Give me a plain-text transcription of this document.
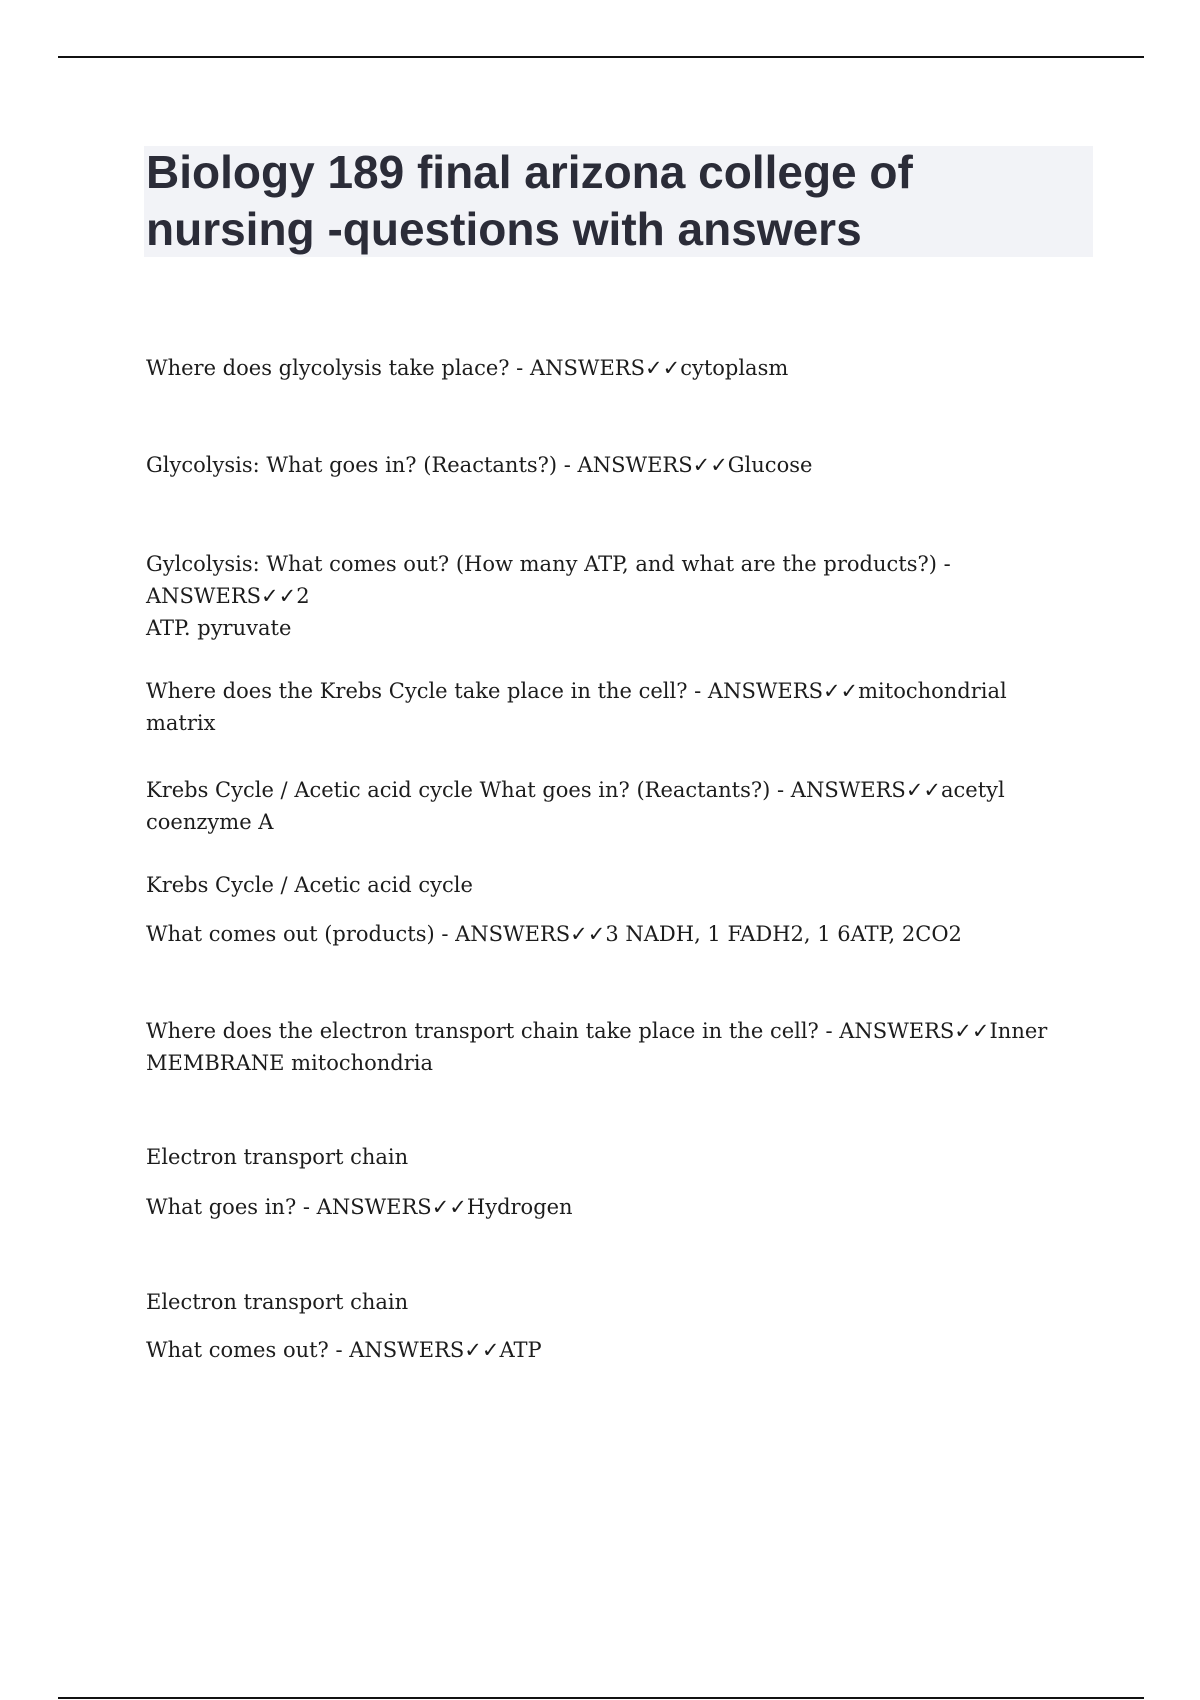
Biology 189 final arizona college of nursing -questions with answers

Where does glycolysis take place? - ANSWERS✓✓cytoplasm

Glycolysis: What goes in? (Reactants?) - ANSWERS✓✓Glucose

Gylcolysis: What comes out? (How many ATP, and what are the products?) - ANSWERS✓✓2
ATP. pyruvate

Where does the Krebs Cycle take place in the cell? - ANSWERS✓✓mitochondrial matrix

Krebs Cycle / Acetic acid cycle What goes in? (Reactants?) - ANSWERS✓✓acetyl coenzyme A

Krebs Cycle / Acetic acid cycle

What comes out (products) - ANSWERS✓✓3 NADH, 1 FADH2, 1 6ATP, 2CO2

Where does the electron transport chain take place in the cell? - ANSWERS✓✓Inner
MEMBRANE mitochondria

Electron transport chain

What goes in? - ANSWERS✓✓Hydrogen

Electron transport chain

What comes out? - ANSWERS✓✓ATP
